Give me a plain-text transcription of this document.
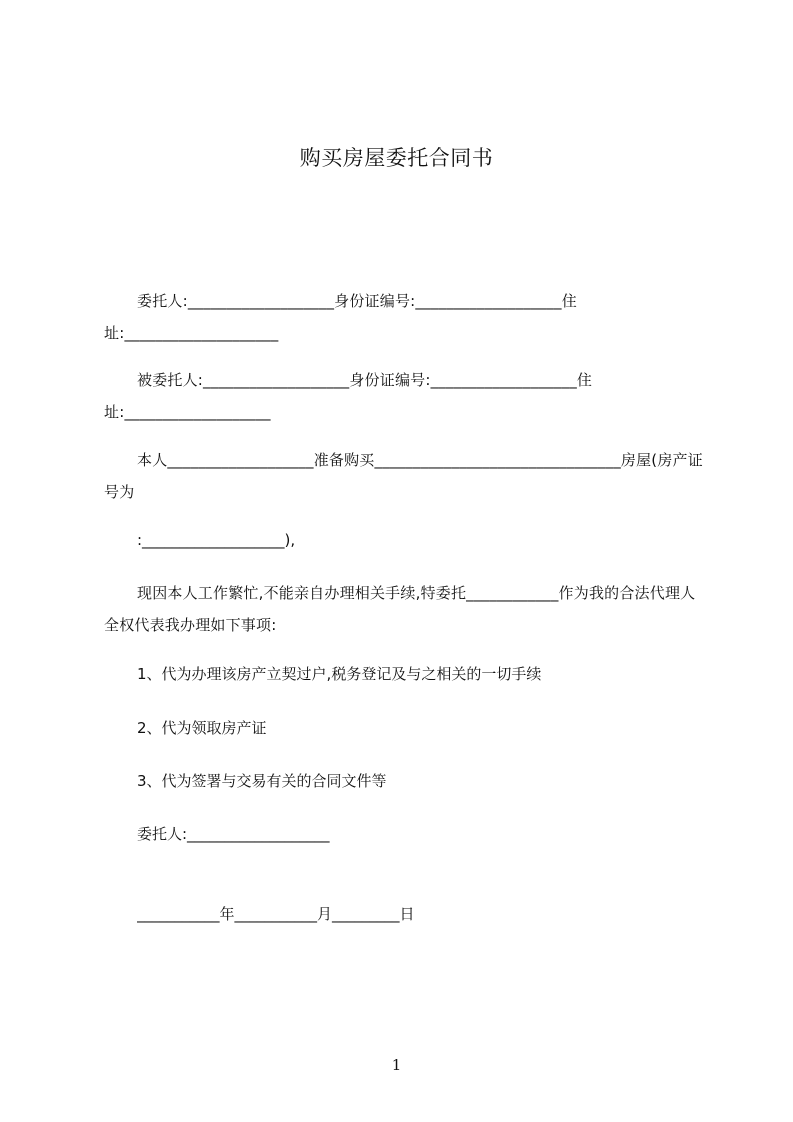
购买房屋委托合同书
委托人:___________________身份证编号:___________________住址:____________________
被委托人:___________________身份证编号:___________________住址:___________________
本人___________________准备购买________________________________房屋(房产证号为
:___________________),
现因本人工作繁忙,不能亲自办理相关手续,特委托____________作为我的合法代理人全权代表我办理如下事项:
1、代为办理该房产立契过户,税务登记及与之相关的一切手续
2、代为领取房产证
3、代为签署与交易有关的合同文件等
委托人:___________________
___________年___________月_________日
1
